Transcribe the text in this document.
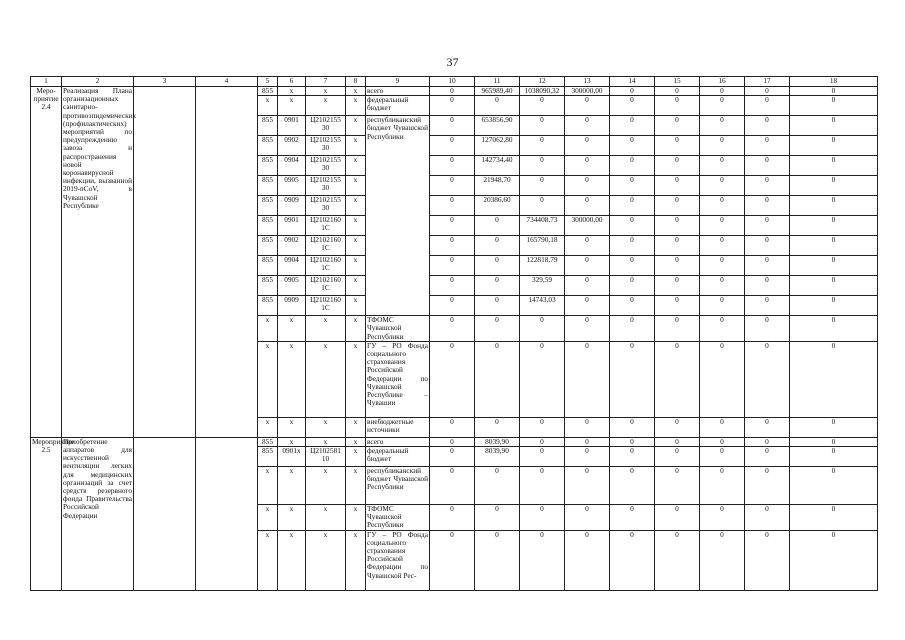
37
1	2	3	4	5	6	7	8	9	10	11	12	13	14	15	16	17	18
Меро-приятие 2.4	Реализация Плана организационных санитарно-противоэпидемических (профилактических) мероприятий по предупреждению завоза и распространения новой коронавирусной инфекции, вызванной 2019-nCoV, в Чувашской Республике			855	x	x	x	всего	0	965989,40	1038090,32	300000,00	0	0	0	0	0
				x	x	x	x	федеральный бюджет	0	0	0	0	0	0	0	0	0
				855	0901	Ц2102155 30	x	республиканский бюджет Чувашской Республики	0	653856,90	0	0	0	0	0	0	0
				855	0902	Ц2102155 30	x		0	127062,80	0	0	0	0	0	0	0
				855	0904	Ц2102155 30	x		0	142734,40	0	0	0	0	0	0	0
				855	0905	Ц2102155 30	x		0	21948,70	0	0	0	0	0	0	0
				855	0909	Ц2102155 30	x		0	20386,60	0	0	0	0	0	0	0
				855	0901	Ц2102160 1С	x		0	0	734408,73	300000,00	0	0	0	0	0
				855	0902	Ц2102160 1С	x		0	0	165790,18	0	0	0	0	0	0
				855	0904	Ц2102160 1С	x		0	0	122818,79	0	0	0	0	0	0
				855	0905	Ц2102160 1С	x		0	0	329,59	0	0	0	0	0	0
				855	0909	Ц2102160 1С	x		0	0	14743,03	0	0	0	0	0	0
				x	x	x	x	ТФОМС Чувашской Республики	0	0	0	0	0	0	0	0	0
				x	x	x	x	ГУ – РО Фонда социального страхования Российской Федерации по Чувашской Республике – Чувашии	0	0	0	0	0	0	0	0	0
				x	x	x	x	внебюджетные источники	0	0	0	0	0	0	0	0	0
Мероприятие 2.5	Приобретение аппаратов для искусственной вентиляции легких для медицинских организаций за счет средств резервного фонда Правительства Российской Федерации			855	x	x	x	всего	0	8039,90	0	0	0	0	0	0	0
				855	0901x	Ц2102581 10	x	федеральный бюджет	0	8039,90	0	0	0	0	0	0	0
				x	x	x	x	республиканский бюджет Чувашской Республики	0	0	0	0	0	0	0	0	0
				x	x	x	x	ТФОМС Чувашской Республики	0	0	0	0	0	0	0	0	0
				x	x	x	x	ГУ – РО Фонда социального страхования Российской Федерации по Чувашской Рес-	0	0	0	0	0	0	0	0	0
